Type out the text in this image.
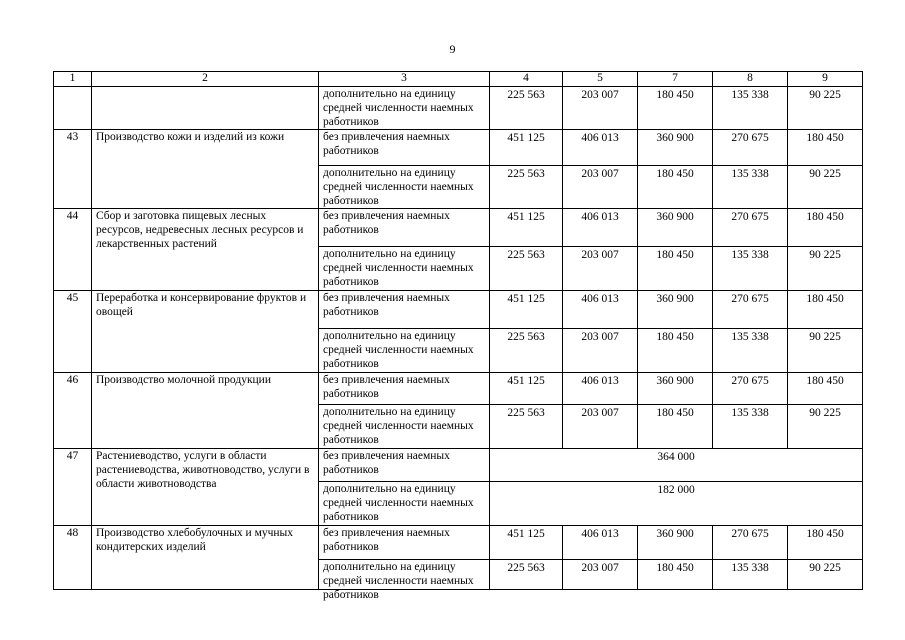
9
1	2	3	4	5	7	8	9

		дополнительно на единицу средней численности наемных работников	225 563	203 007	180 450	135 338	90 225
43	Производство кожи и изделий из кожи	без привлечения наемных работников	451 125	406 013	360 900	270 675	180 450

		дополнительно на единицу средней численности наемных работников	225 563	203 007	180 450	135 338	90 225
44	Сбор и заготовка пищевых лесных ресурсов, недревесных лесных ресурсов и лекарственных растений	без привлечения наемных работников	451 125	406 013	360 900	270 675	180 450

		дополнительно на единицу средней численности наемных работников	225 563	203 007	180 450	135 338	90 225
45	Переработка и консервирование фруктов и овощей	без привлечения наемных работников	451 125	406 013	360 900	270 675	180 450

		дополнительно на единицу средней численности наемных работников	225 563	203 007	180 450	135 338	90 225
46	Производство молочной продукции	без привлечения наемных работников	451 125	406 013	360 900	270 675	180 450

		дополнительно на единицу средней численности наемных работников	225 563	203 007	180 450	135 338	90 225
47	Растениеводство, услуги в области растениеводства, животноводство, услуги в области животноводства	без привлечения наемных работников	364 000				

		дополнительно на единицу средней численности наемных работников	182 000				
48	Производство хлебобулочных и мучных кондитерских изделий	без привлечения наемных работников	451 125	406 013	360 900	270 675	180 450

		дополнительно на единицу средней численности наемных работников	225 563	203 007	180 450	135 338	90 225
